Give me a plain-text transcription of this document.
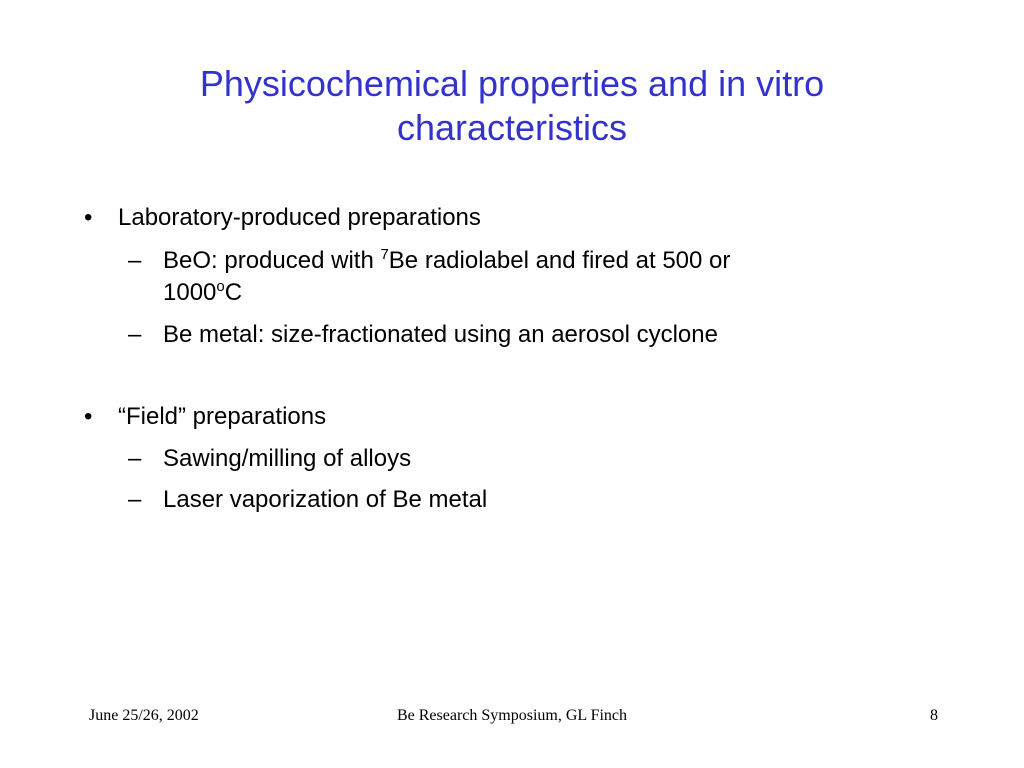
Physicochemical properties and in vitro
characteristics
• Laboratory-produced preparations
– BeO: produced with $^7$Be radiolabel and fired at 500 or
1000$^o$C
– Be metal: size-fractionated using an aerosol cyclone
• “Field” preparations
– Sawing/milling of alloys
– Laser vaporization of Be metal
June 25/26, 2002	Be Research Symposium, GL Finch	8
